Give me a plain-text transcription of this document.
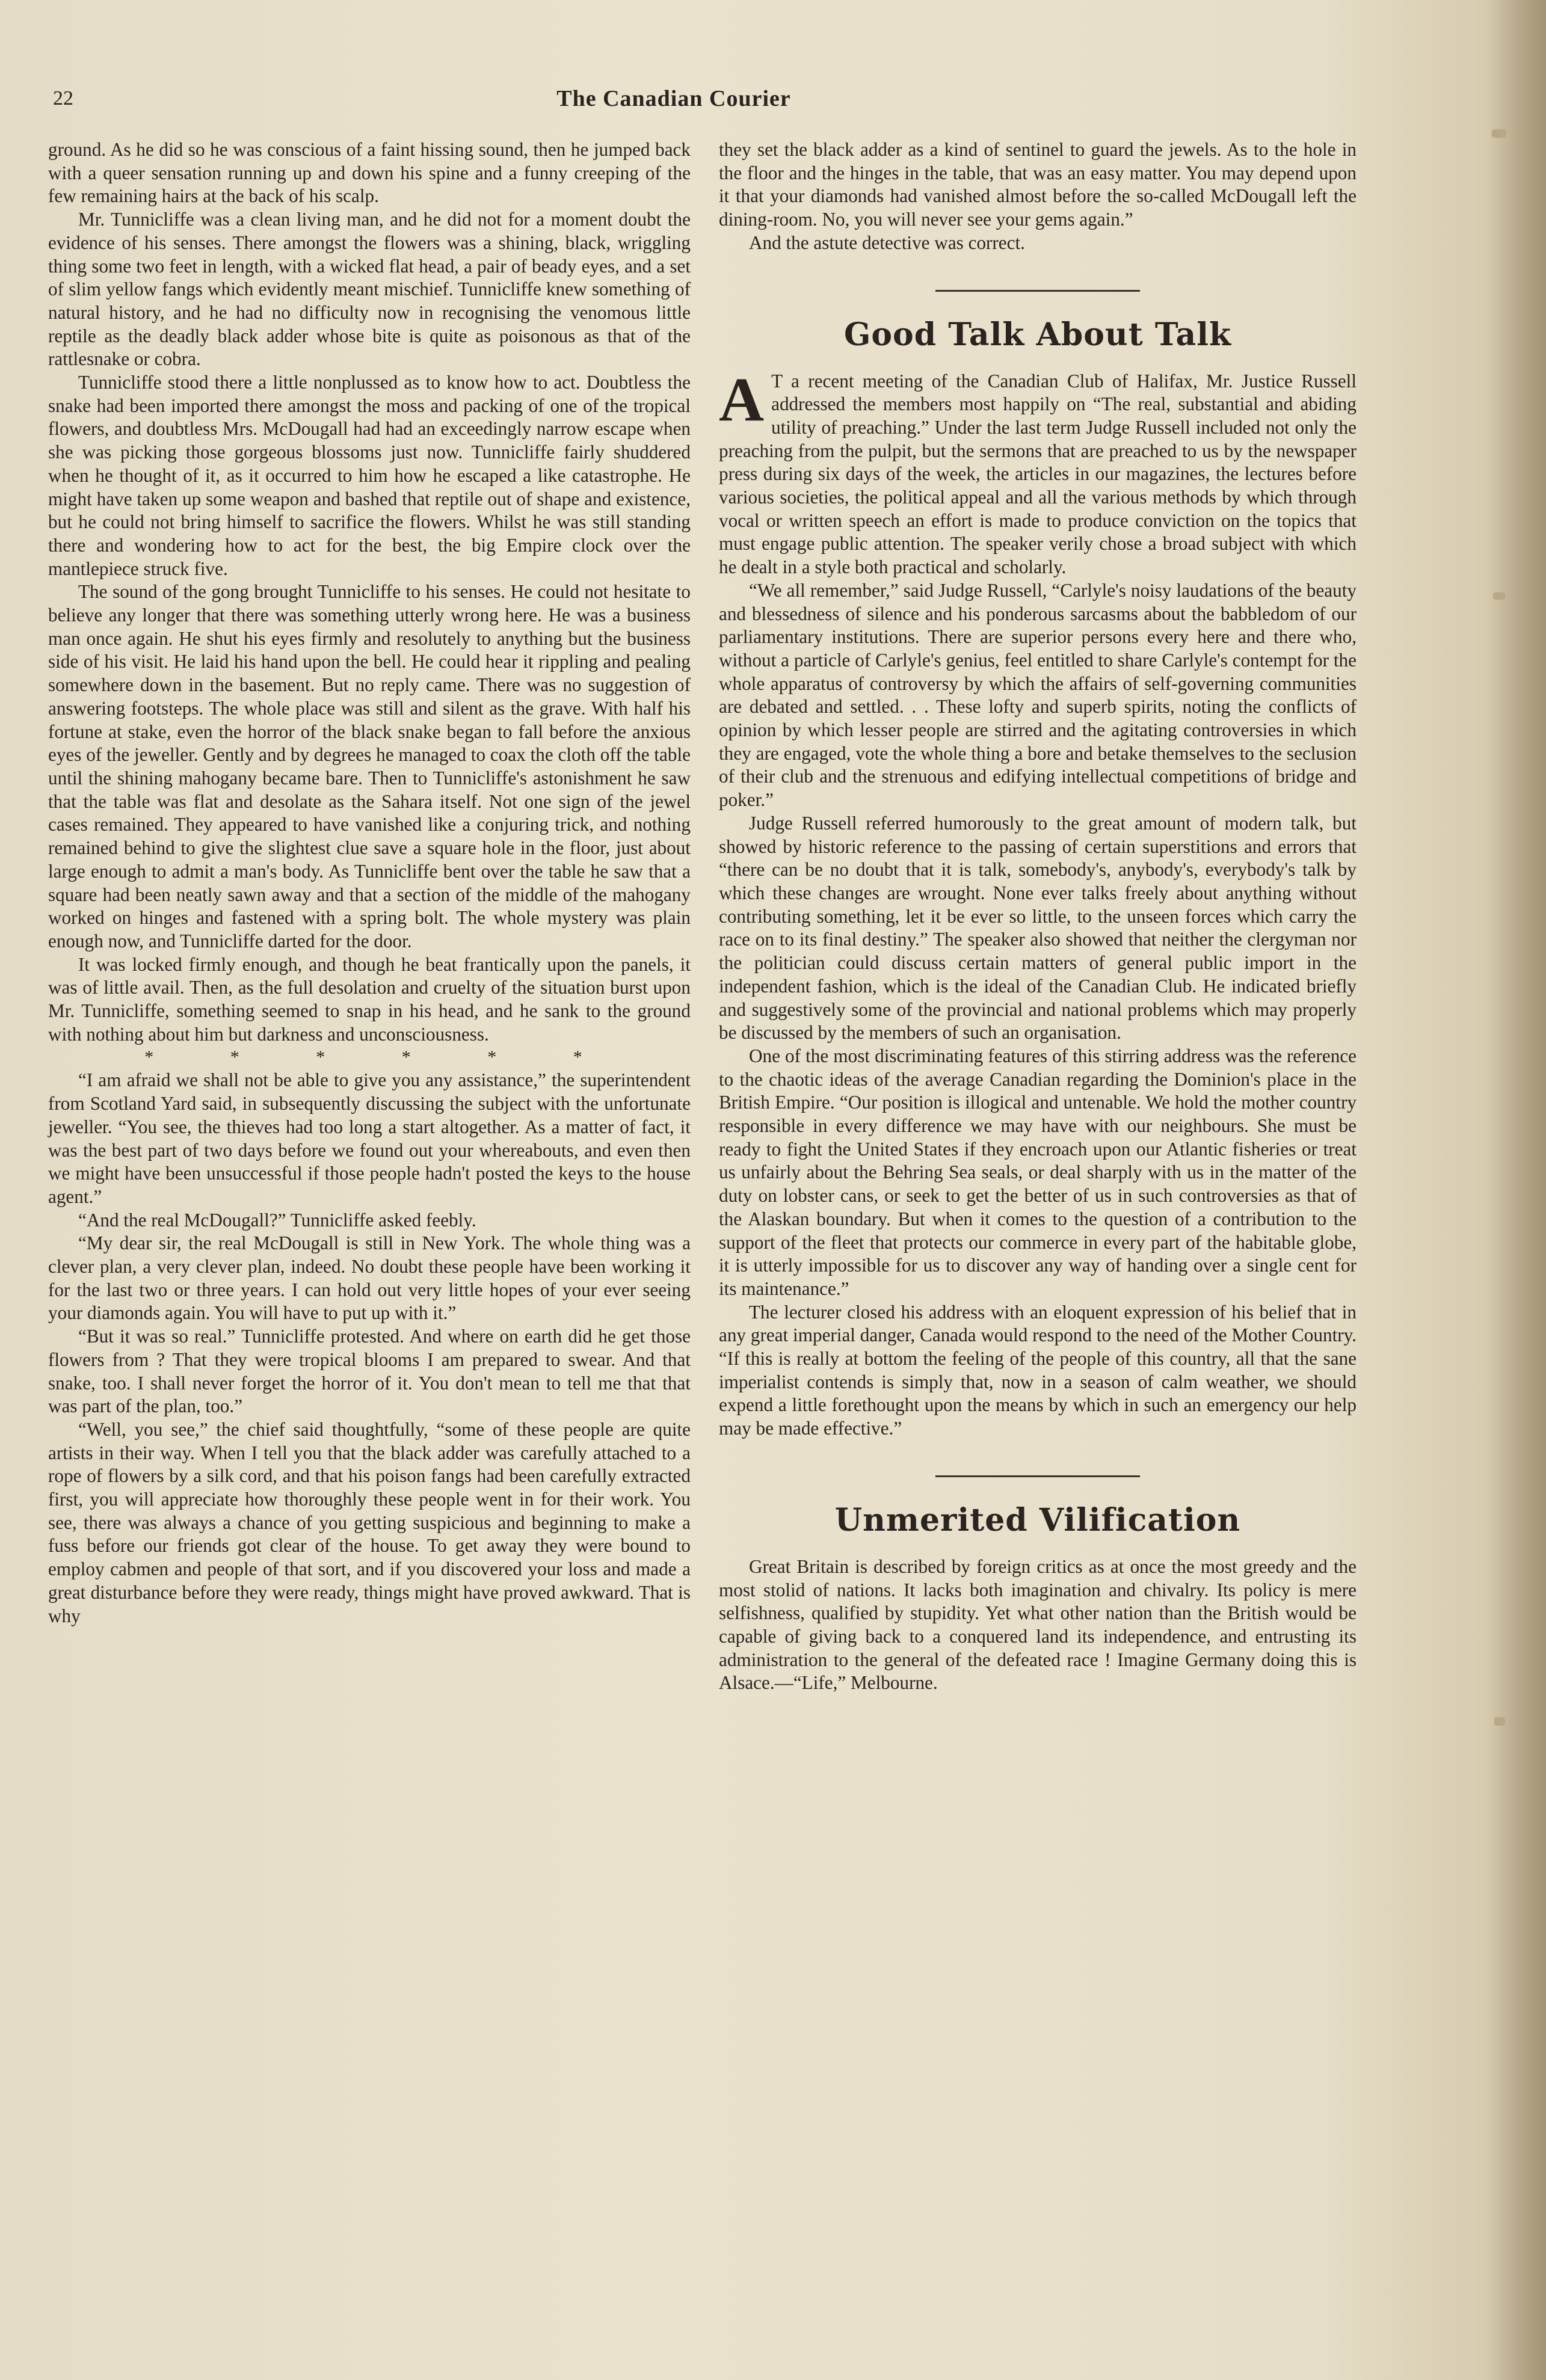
22	The Canadian Courier

ground. As he did so he was conscious of a faint hissing sound, then he jumped back with a queer sensation running up and down his spine and a funny creeping of the few remaining hairs at the back of his scalp.

Mr. Tunnicliffe was a clean living man, and he did not for a moment doubt the evidence of his senses. There amongst the flowers was a shining, black, wriggling thing some two feet in length, with a wicked flat head, a pair of beady eyes, and a set of slim yellow fangs which evidently meant mischief. Tunnicliffe knew something of natural history, and he had no difficulty now in recognising the venomous little reptile as the deadly black adder whose bite is quite as poisonous as that of the rattlesnake or cobra.

Tunnicliffe stood there a little nonplussed as to know how to act. Doubtless the snake had been imported there amongst the moss and packing of one of the tropical flowers, and doubtless Mrs. McDougall had had an exceedingly narrow escape when she was picking those gorgeous blossoms just now. Tunnicliffe fairly shuddered when he thought of it, as it occurred to him how he escaped a like catastrophe. He might have taken up some weapon and bashed that reptile out of shape and existence, but he could not bring himself to sacrifice the flowers. Whilst he was still standing there and wondering how to act for the best, the big Empire clock over the mantlepiece struck five.

The sound of the gong brought Tunnicliffe to his senses. He could not hesitate to believe any longer that there was something utterly wrong here. He was a business man once again. He shut his eyes firmly and resolutely to anything but the business side of his visit. He laid his hand upon the bell. He could hear it rippling and pealing somewhere down in the basement. But no reply came. There was no suggestion of answering footsteps. The whole place was still and silent as the grave. With half his fortune at stake, even the horror of the black snake began to fall before the anxious eyes of the jeweller. Gently and by degrees he managed to coax the cloth off the table until the shining mahogany became bare. Then to Tunnicliffe's astonishment he saw that the table was flat and desolate as the Sahara itself. Not one sign of the jewel cases remained. They appeared to have vanished like a conjuring trick, and nothing remained behind to give the slightest clue save a square hole in the floor, just about large enough to admit a man's body. As Tunnicliffe bent over the table he saw that a square had been neatly sawn away and that a section of the middle of the mahogany worked on hinges and fastened with a spring bolt. The whole mystery was plain enough now, and Tunnicliffe darted for the door.

It was locked firmly enough, and though he beat frantically upon the panels, it was of little avail. Then, as the full desolation and cruelty of the situation burst upon Mr. Tunnicliffe, something seemed to snap in his head, and he sank to the ground with nothing about him but darkness and unconsciousness.

* * * * * *

“I am afraid we shall not be able to give you any assistance,” the superintendent from Scotland Yard said, in subsequently discussing the subject with the unfortunate jeweller. “You see, the thieves had too long a start altogether. As a matter of fact, it was the best part of two days before we found out your whereabouts, and even then we might have been unsuccessful if those people hadn't posted the keys to the house agent.”

“And the real McDougall?” Tunnicliffe asked feebly.

“My dear sir, the real McDougall is still in New York. The whole thing was a clever plan, a very clever plan, indeed. No doubt these people have been working it for the last two or three years. I can hold out very little hopes of your ever seeing your diamonds again. You will have to put up with it.”

“But it was so real.” Tunnicliffe protested. And where on earth did he get those flowers from ? That they were tropical blooms I am prepared to swear. And that snake, too. I shall never forget the horror of it. You don't mean to tell me that that was part of the plan, too.”

“Well, you see,” the chief said thoughtfully, “some of these people are quite artists in their way. When I tell you that the black adder was carefully attached to a rope of flowers by a silk cord, and that his poison fangs had been carefully extracted first, you will appreciate how thoroughly these people went in for their work. You see, there was always a chance of you getting suspicious and beginning to make a fuss before our friends got clear of the house. To get away they were bound to employ cabmen and people of that sort, and if you discovered your loss and made a great disturbance before they were ready, things might have proved awkward. That is why

they set the black adder as a kind of sentinel to guard the jewels. As to the hole in the floor and the hinges in the table, that was an easy matter. You may depend upon it that your diamonds had vanished almost before the so-called McDougall left the dining-room. No, you will never see your gems again.”

And the astute detective was correct.

Good Talk About Talk

A T a recent meeting of the Canadian Club of Halifax, Mr. Justice Russell addressed the members most happily on “The real, substantial and abiding utility of preaching.” Under the last term Judge Russell included not only the preaching from the pulpit, but the sermons that are preached to us by the newspaper press during six days of the week, the articles in our magazines, the lectures before various societies, the political appeal and all the various methods by which through vocal or written speech an effort is made to produce conviction on the topics that must engage public attention. The speaker verily chose a broad subject with which he dealt in a style both practical and scholarly.

“We all remember,” said Judge Russell, “Carlyle's noisy laudations of the beauty and blessedness of silence and his ponderous sarcasms about the babbledom of our parliamentary institutions. There are superior persons every here and there who, without a particle of Carlyle's genius, feel entitled to share Carlyle's contempt for the whole apparatus of controversy by which the affairs of self-governing communities are debated and settled. . . These lofty and superb spirits, noting the conflicts of opinion by which lesser people are stirred and the agitating controversies in which they are engaged, vote the whole thing a bore and betake themselves to the seclusion of their club and the strenuous and edifying intellectual competitions of bridge and poker.”

Judge Russell referred humorously to the great amount of modern talk, but showed by historic reference to the passing of certain superstitions and errors that “there can be no doubt that it is talk, somebody's, anybody's, everybody's talk by which these changes are wrought. None ever talks freely about anything without contributing something, let it be ever so little, to the unseen forces which carry the race on to its final destiny.” The speaker also showed that neither the clergyman nor the politician could discuss certain matters of general public import in the independent fashion, which is the ideal of the Canadian Club. He indicated briefly and suggestively some of the provincial and national problems which may properly be discussed by the members of such an organisation.

One of the most discriminating features of this stirring address was the reference to the chaotic ideas of the average Canadian regarding the Dominion's place in the British Empire. “Our position is illogical and untenable. We hold the mother country responsible in every difference we may have with our neighbours. She must be ready to fight the United States if they encroach upon our Atlantic fisheries or treat us unfairly about the Behring Sea seals, or deal sharply with us in the matter of the duty on lobster cans, or seek to get the better of us in such controversies as that of the Alaskan boundary. But when it comes to the question of a contribution to the support of the fleet that protects our commerce in every part of the habitable globe, it is utterly impossible for us to discover any way of handing over a single cent for its maintenance.”

The lecturer closed his address with an eloquent expression of his belief that in any great imperial danger, Canada would respond to the need of the Mother Country. “If this is really at bottom the feeling of the people of this country, all that the sane imperialist contends is simply that, now in a season of calm weather, we should expend a little forethought upon the means by which in such an emergency our help may be made effective.”

Unmerited Vilification

Great Britain is described by foreign critics as at once the most greedy and the most stolid of nations. It lacks both imagination and chivalry. Its policy is mere selfishness, qualified by stupidity. Yet what other nation than the British would be capable of giving back to a conquered land its independence, and entrusting its administration to the general of the defeated race ! Imagine Germany doing this is Alsace.—“Life,” Melbourne.
